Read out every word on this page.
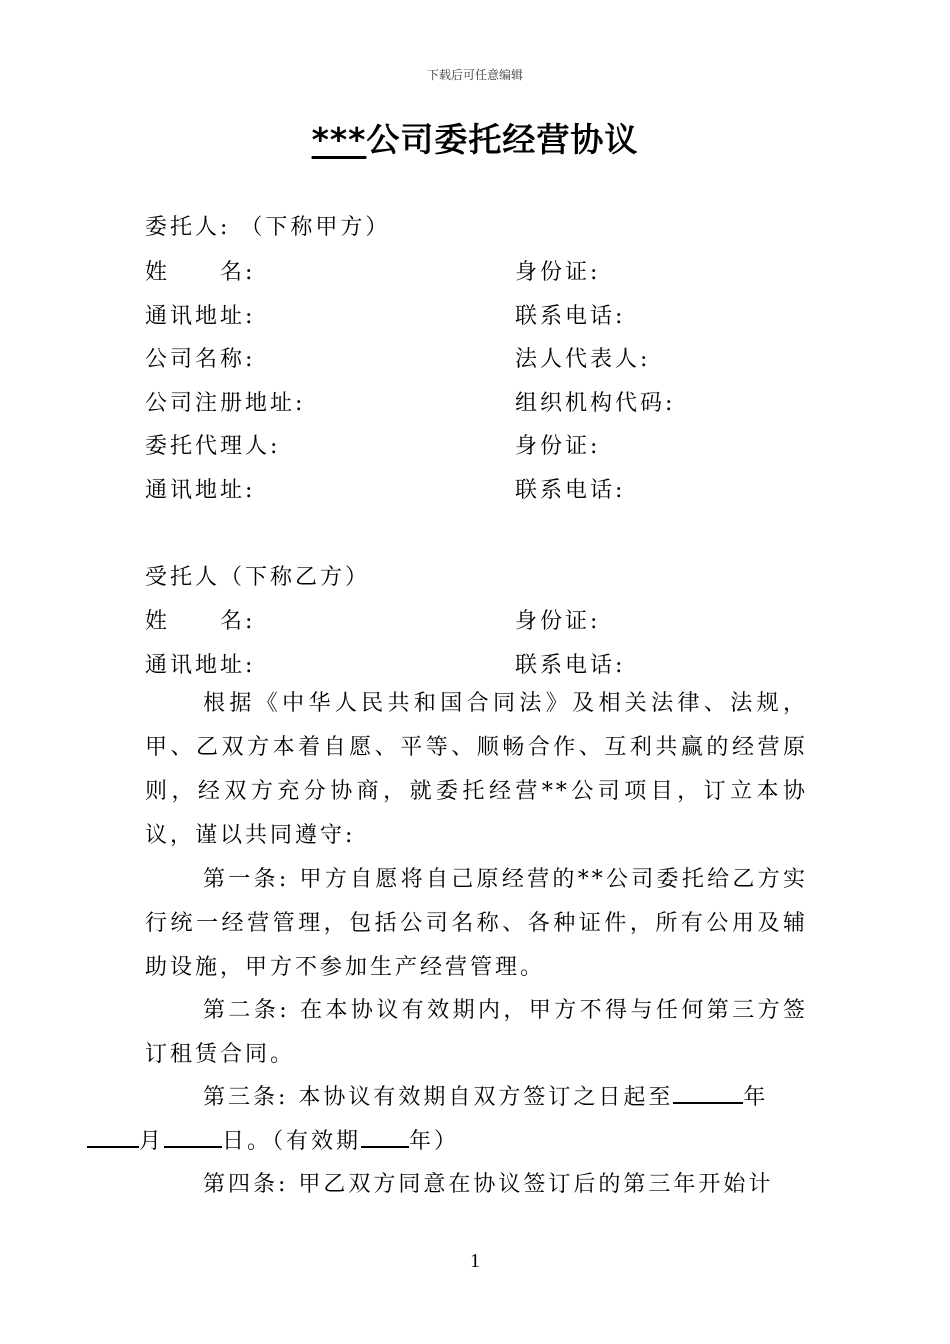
下载后可任意编辑
***公司委托经营协议
委托人: （下称甲方）
姓　　名:	身份证:
通讯地址:	联系电话:
公司名称:	法人代表人:
公司注册地址:	组织机构代码:
委托代理人:	身份证:
通讯地址:	联系电话:
受托人（下称乙方）
姓　　名:	身份证:
通讯地址:	联系电话:
根据《中华人民共和国合同法》及相关法律、法规，甲、乙双方本着自愿、平等、顺畅合作、互利共赢的经营原则，经双方充分协商，就委托经营**公司项目，订立本协议，谨以共同遵守:
第一条: 甲方自愿将自己原经营的**公司委托给乙方实行统一经营管理，包括公司名称、各种证件，所有公用及辅助设施，甲方不参加生产经营管理。
第二条: 在本协议有效期内，甲方不得与任何第三方签订租赁合同。
第三条: 本协议有效期自双方签订之日起至	年
月	日。（有效期 年）
第四条: 甲乙双方同意在协议签订后的第三年开始计
1
